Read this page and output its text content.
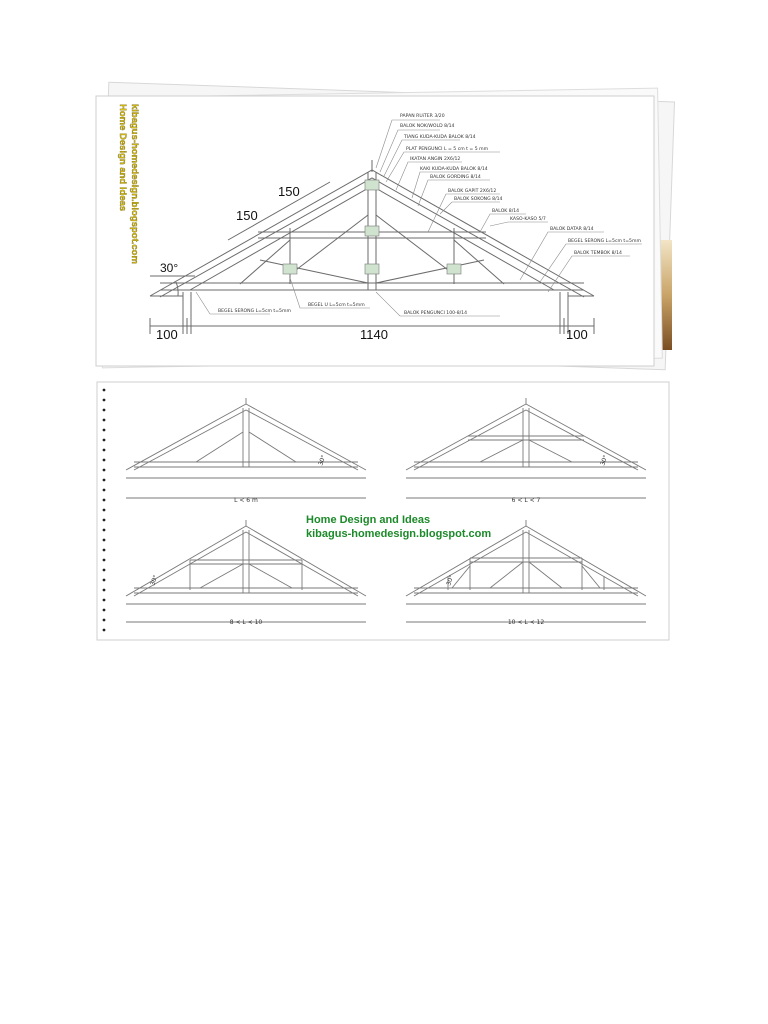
PAPAN RUiTER 3/20
BALOK NOK/WOLD 8/14
TIANG KUDA-KUDA BALOK 8/14
PLAT PENGUNCI L = 5 cm t = 5 mm
IKATAN ANGIN 2X6/12
KAKI KUDA-KUDA BALOK 8/14
BALOK GORDING 8/14
BALOK GAPIT 2X6/12
BALOK SOKONG 8/14
BALOK 8/14
KASO-KASO 5/7
BALOK DATAR 8/14
BEGEL SERONG L=5cm t=5mm
BALOK TEMBOK 8/14
BEGEL SERONG L=5cm t=5mm
BEGEL U L=5cm t=5mm
BALOK PENGUNCI 100-8/14
150
150
30°
100	1140	100
kibagus-homedesign.blogspot.com
Home Design and Ideas
L < 6 m	6 < L < 7
8 < L < 10	10 < L < 12
30°	30°
30°	30°
Home Design and Ideas
kibagus-homedesign.blogspot.com
